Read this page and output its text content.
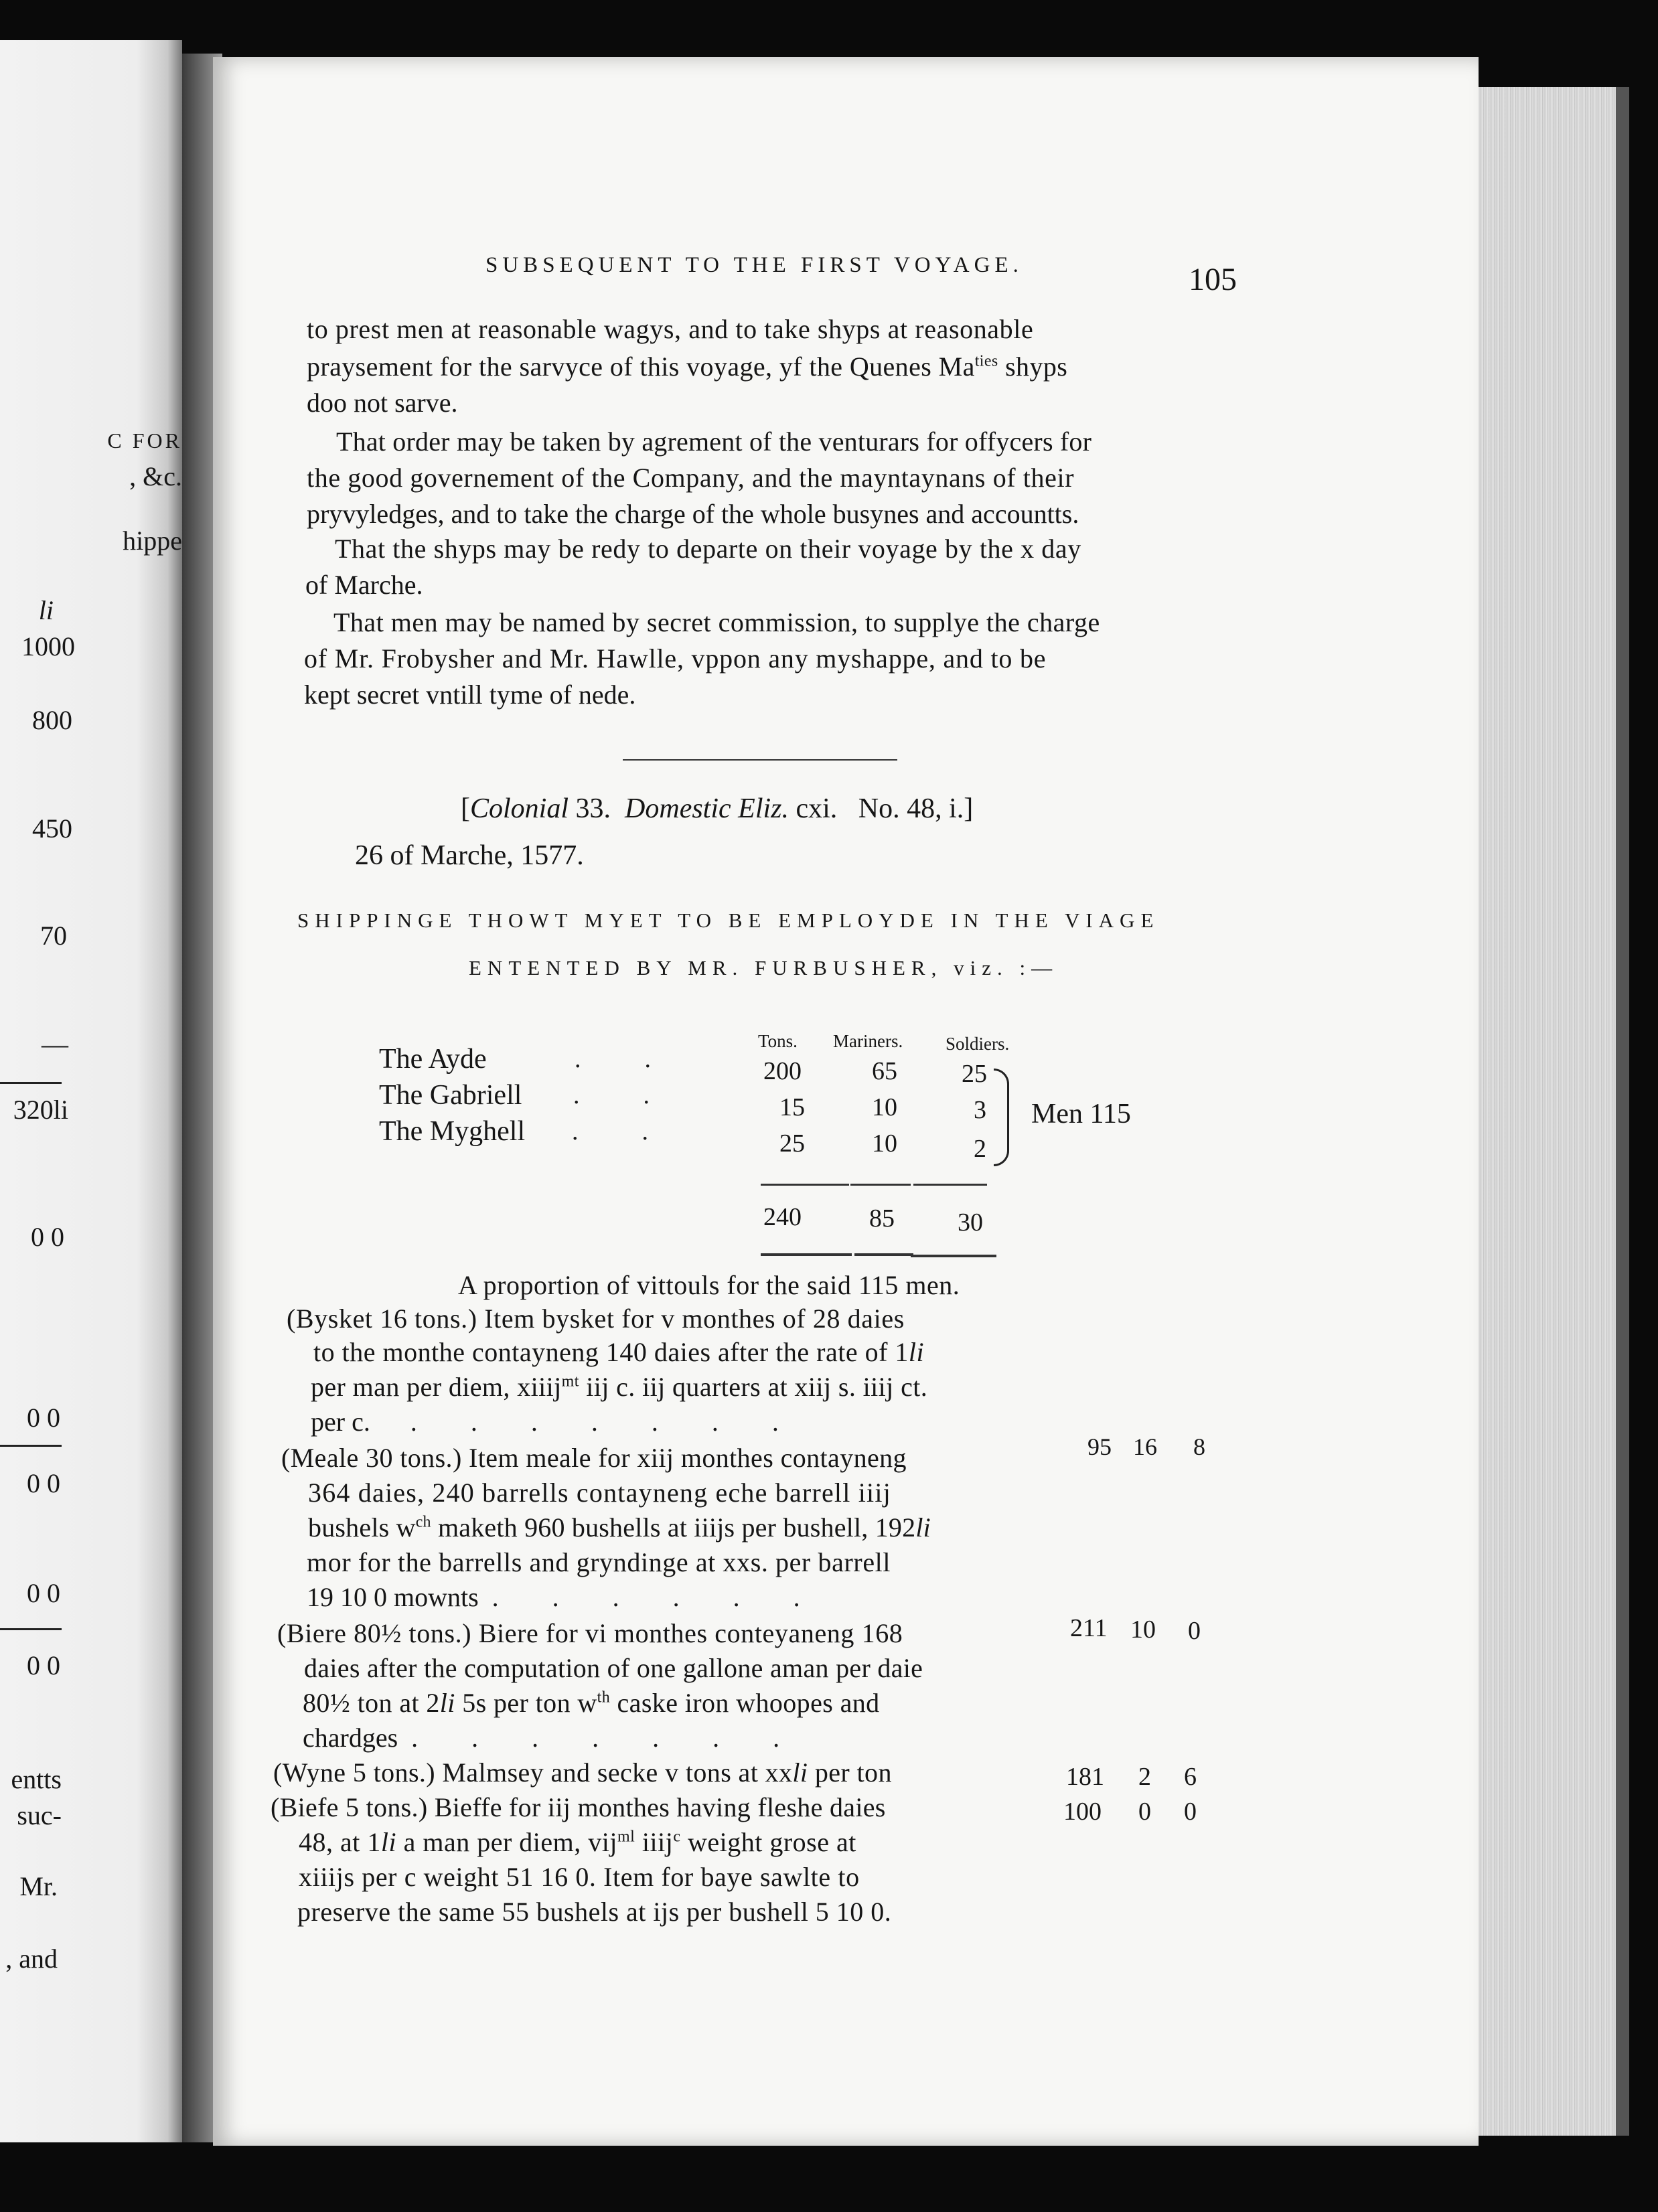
C FOR
, &c.
hippe
li
1000
800
450
70
—
320li
0 0
0 0
0 0
0 0
0 0
entts
suc-
Mr.
, and
SUBSEQUENT TO THE FIRST VOYAGE.	105
to prest men at reasonable wagys, and to take shyps at reasonable
praysement for the sarvyce of this voyage, yf the Quenes $Ma^{ties}$ shyps
doo not sarve.
That order may be taken by agrement of the venturars for offycers for
the good governement of the Company, and the mayntaynans of their
pryvyledges, and to take the charge of the whole busynes and accountts.
That the shyps may be redy to departe on their voyage by the x day
of Marche.
That men may be named by secret commission, to supplye the charge
of Mr. Frobysher and Mr. Hawlle, vppon any myshappe, and to be
kept secret vntill tyme of nede.
[Colonial 33.  Domestic Eliz. cxi.   No. 48, i.]
26 of Marche, 1577.
SHIPPINGE THOWT MYET TO BE EMPLOYDE IN THE VIAGE
ENTENTED BY MR. FURBUSHER, viz. :—
Tons. Mariners. Soldiers.
The Ayde	.          .	200	65	25
The Gabriell .          .	15	10	3
The Myghell .          .	25	10	2
Men 115
240	85 30
A proportion of vittouls for the said 115 men.
(Bysket 16 tons.) Item bysket for v monthes of 28 daies
to the monthe contayneng 140 daies after the rate of 1li
per man per diem, xiiij$^{mt}$ iij c. iij quarters at xiij s. iiij ct.
per c.      .        .        .        .        .        .        .
95 16 8
(Meale 30 tons.) Item meale for xiij monthes contayneng
364 daies, 240 barrells contayneng eche barrell iiij
bushels $w^{ch}$ maketh 960 bushells at iiijs per bushell, 192li
mor for the barrells and gryndinge at xxs. per barrell
19 10 0 mownts  .        .        .        .        .        .
211 10 0
(Biere 80½ tons.) Biere for vi monthes conteyaneng 168
daies after the computation of one gallone aman per daie
80½ ton at 2li 5s per ton $w^{th}$ caske iron whoopes and
chardges  .        .        .        .        .        .        .
181 2 6
(Wyne 5 tons.) Malmsey and secke v tons at xxli per ton
100 0 0
(Biefe 5 tons.) Bieffe for iij monthes having fleshe daies
48, at 1li a man per diem, vij$^{ml}$ iiij$^c$ weight grose at
xiiijs per c weight 51 16 0. Item for baye sawlte to
preserve the same 55 bushels at ijs per bushell 5 10 0.
